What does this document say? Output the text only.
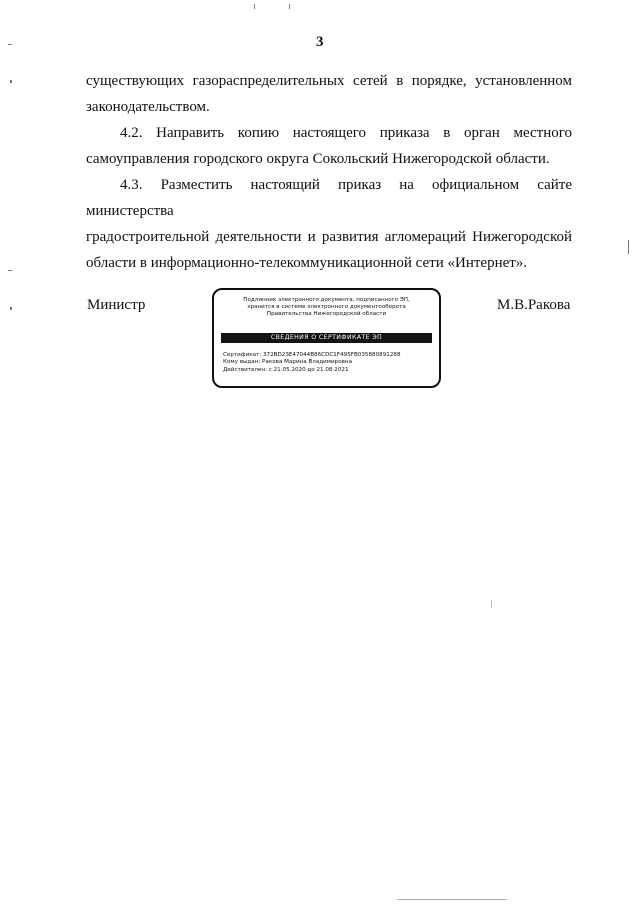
3
существующих газораспределительных сетей в порядке, установленном
законодательством.
4.2. Направить копию настоящего приказа в орган местного
самоуправления городского округа Сокольский Нижегородской области.
4.3. Разместить настоящий приказ на официальном сайте министерства
градостроительной деятельности и развития агломераций Нижегородской
области в информационно-телекоммуникационной сети «Интернет».
Министр	Подлинник электронного документа, подписанного ЭП,
хранится в системе электронного документооборота
Правительства Нижегородской области
СВЕДЕНИЯ О СЕРТИФИКАТЕ ЭП
Сертификат: 372BD23E47044B86CDC1F495FB035880891288
Кому выдан: Ракова Марина Владимировна
Действителен: с 21.05.2020 до 21.08.2021
М.В.Ракова
